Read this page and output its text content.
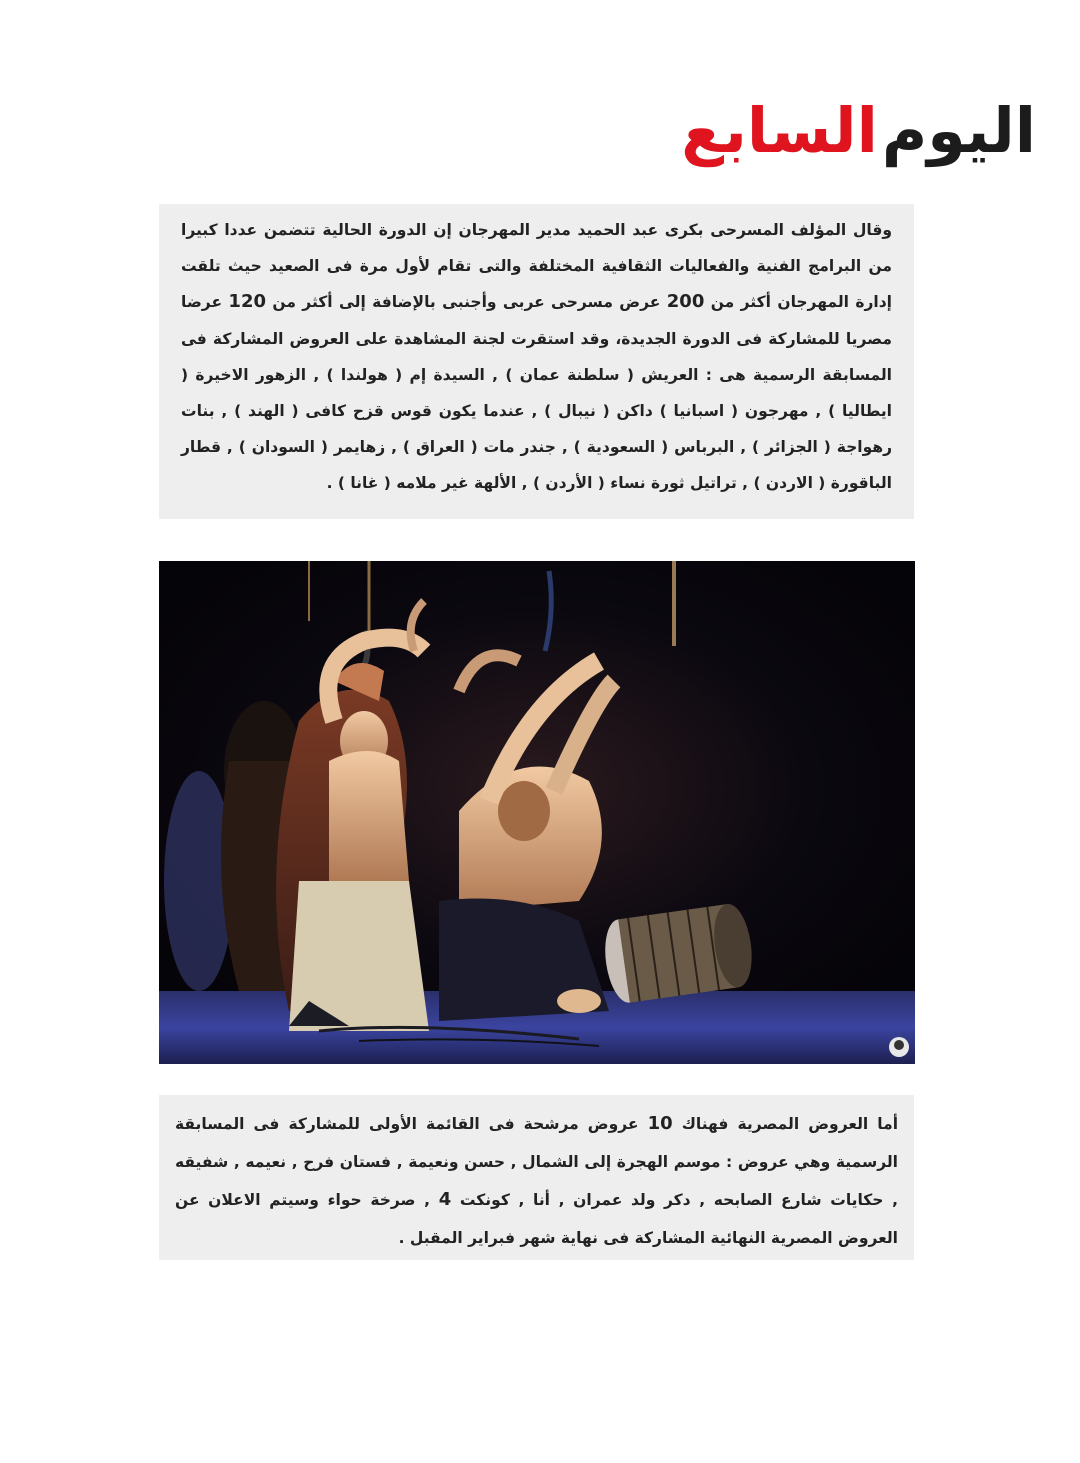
اليوم
السابع
وقال المؤلف المسرحى بكرى عبد الحميد مدير المهرجان إن الدورة الحالية تتضمن عددا كبيرا من البرامج الفنية والفعاليات الثقافية المختلفة والتى تقام لأول مرة فى الصعيد حيث تلقت إدارة المهرجان أكثر من 200 عرض مسرحى عربى وأجنبى بالإضافة إلى أكثر من 120 عرضا مصريا للمشاركة فى الدورة الجديدة، وقد استقرت لجنة المشاهدة على العروض المشاركة فى المسابقة الرسمية هى : العريش ( سلطنة عمان ) , السيدة إم ( هولندا ) , الزهور الاخيرة ( ايطاليا ) , مهرجون ( اسبانيا ) داكن ( نيبال ) , عندما يكون قوس قزح كافى ( الهند ) , بنات رهواجة ( الجزائر ) , البرباس ( السعودية ) , جندر مات ( العراق ) , زهايمر ( السودان ) , قطار الباقورة ( الاردن ) , تراتيل ثورة نساء ( الأردن ) , الألهة غير ملامه ( غانا ) .
أما العروض المصرية فهناك 10 عروض مرشحة فى القائمة الأولى للمشاركة فى المسابقة الرسمية وهي عروض : موسم الهجرة إلى الشمال , حسن ونعيمة , فستان فرح , نعيمه , شفيقه , حكايات شارع الصابحه , دكر ولد عمران , أنا , كونكت 4 , صرخة حواء وسيتم الاعلان عن العروض المصرية النهائية المشاركة فى نهاية شهر فبراير المقبل .
